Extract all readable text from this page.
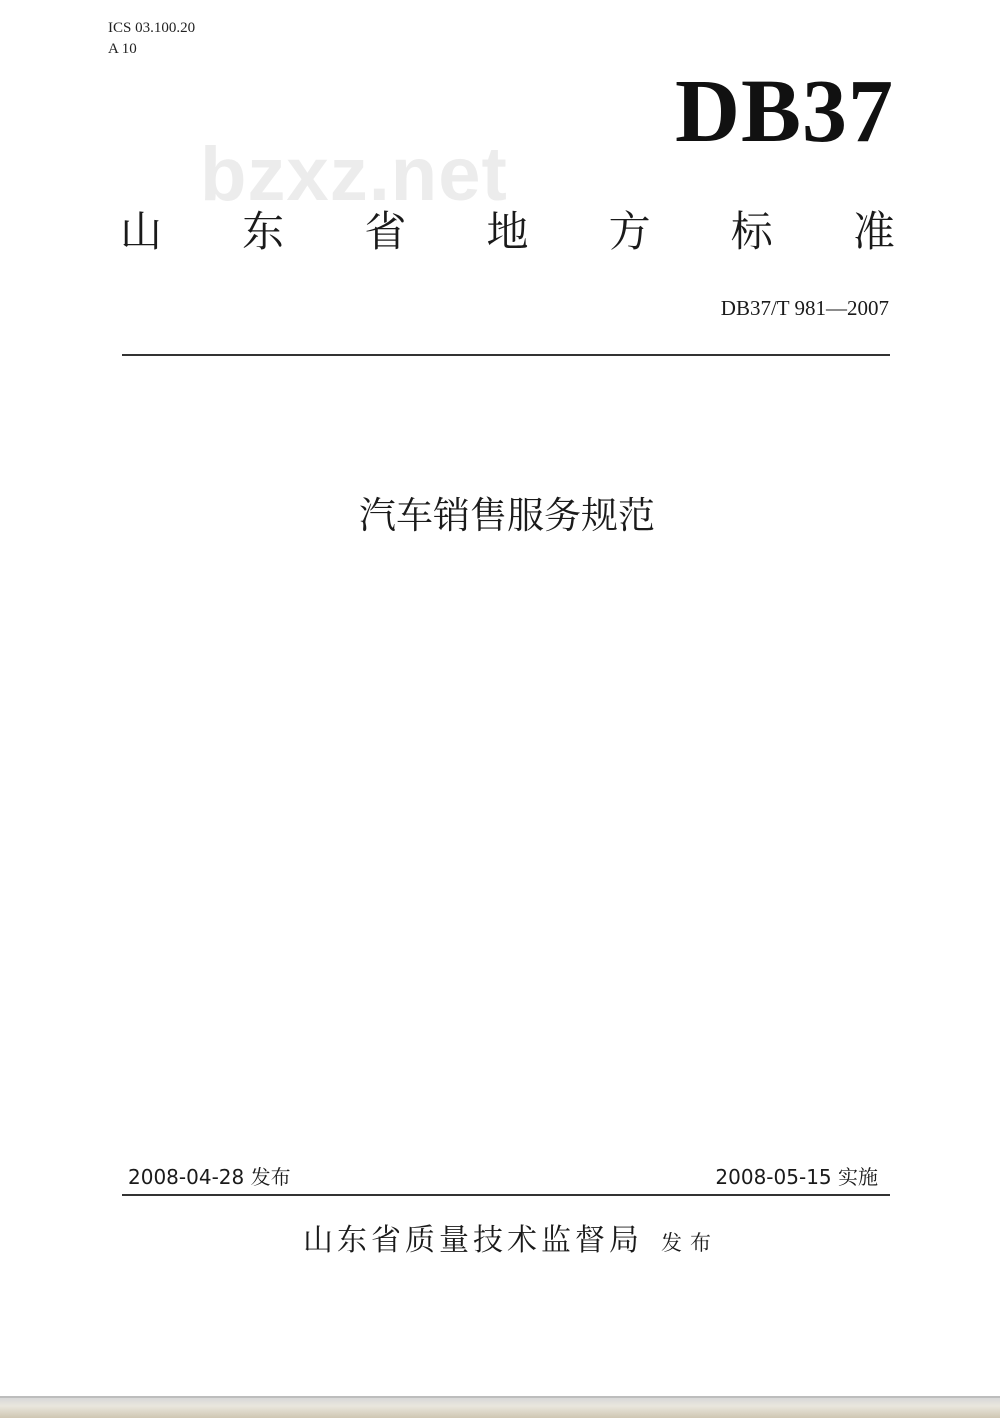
ICS 03.100.20
A 10
DB37
bzxz.net
山 东 省 地 方 标 准
DB37/T 981—2007
汽车销售服务规范
2008-04-28 发布	2008-05-15 实施
山东省质量技术监督局 发布
